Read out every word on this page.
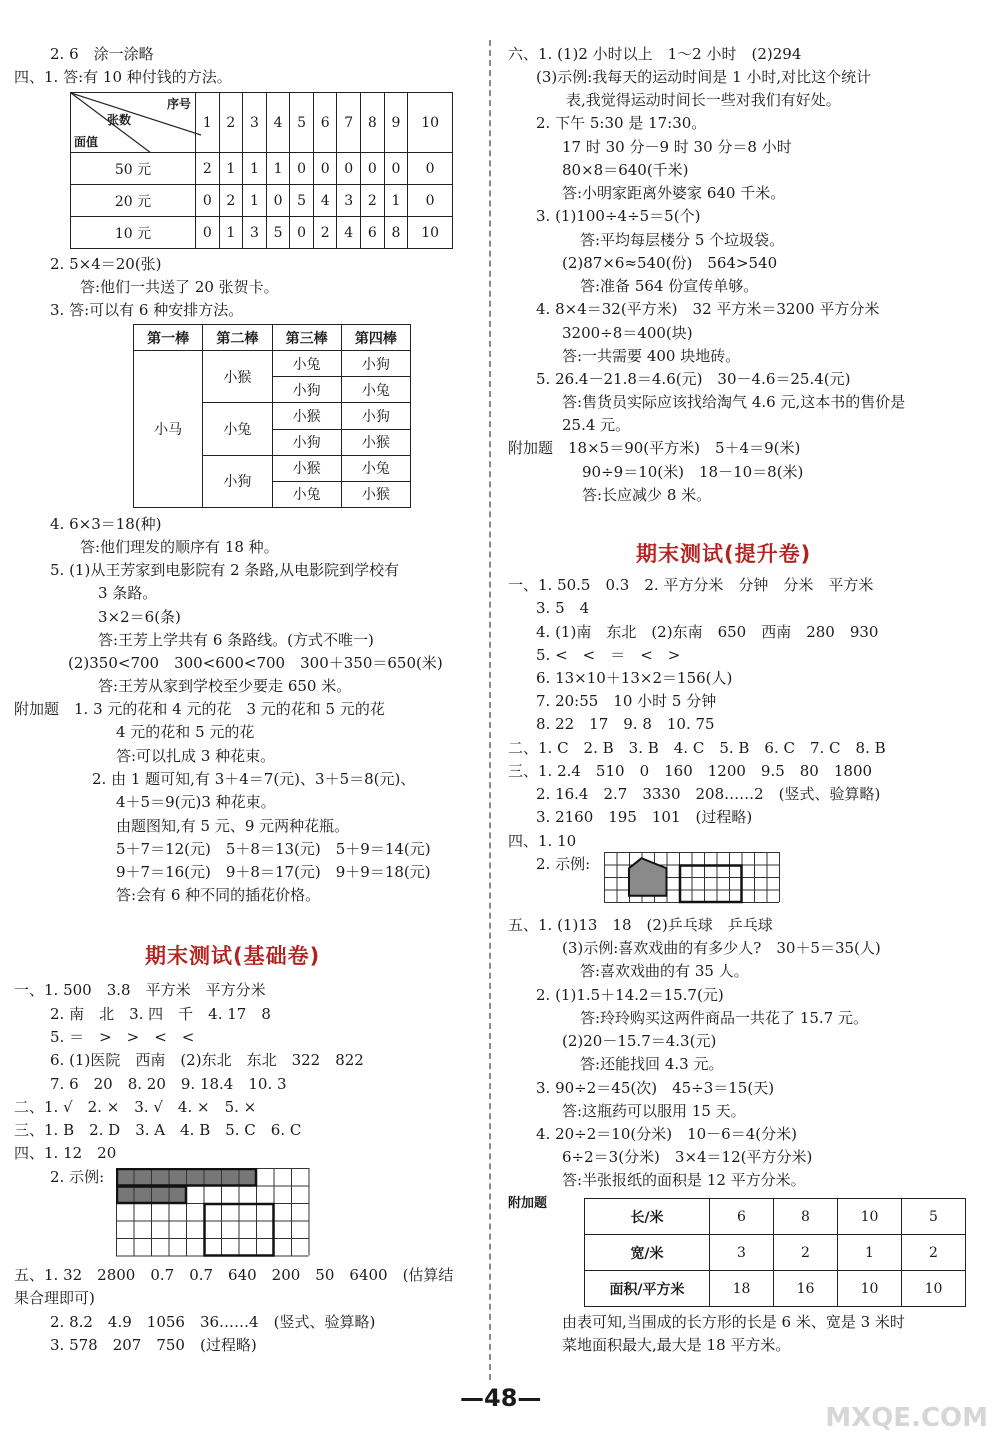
2. 6　涂一涂略
四、1. 答:有 10 种付钱的方法。
序号
张数
面值	1	2	3	4	5	6	7	8	9	10
50 元	2	1	1	1	0	0	0	0	0	0
20 元	0	2	1	0	5	4	3	2	1	0
10 元	0	1	3	5	0	2	4	6	8	10
2. 5×4＝20(张)
答:他们一共送了 20 张贺卡。
3. 答:可以有 6 种安排方法。
第一棒	第二棒	第三棒	第四棒
小马	小猴	小兔	小狗
		小狗	小兔
	小兔	小猴	小狗
		小狗	小猴
	小狗	小猴	小兔
		小兔	小猴
4. 6×3＝18(种)
答:他们理发的顺序有 18 种。
5. (1)从王芳家到电影院有 2 条路,从电影院到学校有
3 条路。
3×2＝6(条)
答:王芳上学共有 6 条路线。(方式不唯一)
(2)350<700　300<600<700　300＋350＝650(米)
答:王芳从家到学校至少要走 650 米。
附加题　1. 3 元的花和 4 元的花　3 元的花和 5 元的花
4 元的花和 5 元的花
答:可以扎成 3 种花束。
2. 由 1 题可知,有 3＋4＝7(元)、3＋5＝8(元)、
4＋5＝9(元)3 种花束。
由题图知,有 5 元、9 元两种花瓶。
5＋7＝12(元)　5＋8＝13(元)　5＋9＝14(元)
9＋7＝16(元)　9＋8＝17(元)　9＋9＝18(元)
答:会有 6 种不同的插花价格。
期末测试(基础卷)
一、1. 500　3.8　平方米　平方分米
2. 南　北　3. 四　千　4. 17　8
5. ＝　>　>　<　<
6. (1)医院　西南　(2)东北　东北　322　822
7. 6　20　8. 20　9. 18.4　10. 3
二、1. √　2. ×　3. √　4. ×　5. ×
三、1. B　2. D　3. A　4. B　5. C　6. C
四、1. 12　20
2. 示例:
五、1. 32　2800　0.7　0.7　640　200　50　6400　(估算结
果合理即可)
2. 8.2　4.9　1056　36……4　(竖式、验算略)
3. 578　207　750　(过程略)
六、1. (1)2 小时以上　1～2 小时　(2)294
(3)示例:我每天的运动时间是 1 小时,对比这个统计
表,我觉得运动时间长一些对我们有好处。
2. 下午 5:30 是 17:30。
17 时 30 分－9 时 30 分＝8 小时
80×8＝640(千米)
答:小明家距离外婆家 640 千米。
3. (1)100÷4÷5＝5(个)
答:平均每层楼分 5 个垃圾袋。
(2)87×6≈540(份)　564>540
答:准备 564 份宣传单够。
4. 8×4＝32(平方米)　32 平方米＝3200 平方分米
3200÷8＝400(块)
答:一共需要 400 块地砖。
5. 26.4－21.8＝4.6(元)　30－4.6＝25.4(元)
答:售货员实际应该找给淘气 4.6 元,这本书的售价是
25.4 元。
附加题　18×5＝90(平方米)　5＋4＝9(米)
90÷9＝10(米)　18－10＝8(米)
答:长应减少 8 米。
期末测试(提升卷)
一、1. 50.5　0.3　2. 平方分米　分钟　分米　平方米
3. 5　4
4. (1)南　东北　(2)东南　650　西南　280　930
5. <　<　＝　<　>
6. 13×10＋13×2＝156(人)
7. 20:55　10 小时 5 分钟
8. 22　17　9. 8　10. 75
二、1. C　2. B　3. B　4. C　5. B　6. C　7. C　8. B
三、1. 2.4　510　0　160　1200　9.5　80　1800
2. 16.4　2.7　3330　208……2　(竖式、验算略)
3. 2160　195　101　(过程略)
四、1. 10
2. 示例:
五、1. (1)13　18　(2)乒乓球　乒乓球
(3)示例:喜欢戏曲的有多少人?　30＋5＝35(人)
答:喜欢戏曲的有 35 人。
2. (1)1.5＋14.2＝15.7(元)
答:玲玲购买这两件商品一共花了 15.7 元。
(2)20－15.7＝4.3(元)
答:还能找回 4.3 元。
3. 90÷2＝45(次)　45÷3＝15(天)
答:这瓶药可以服用 15 天。
4. 20÷2＝10(分米)　10－6＝4(分米)
6÷2＝3(分米)　3×4＝12(平方分米)
答:半张报纸的面积是 12 平方分米。
附加题
长/米	6	8	10	5
宽/米	3	2	1	2
面积/平方米	18	16	10	10
由表可知,当围成的长方形的长是 6 米、宽是 3 米时
菜地面积最大,最大是 18 平方米。
—48—
MXQE.COM
